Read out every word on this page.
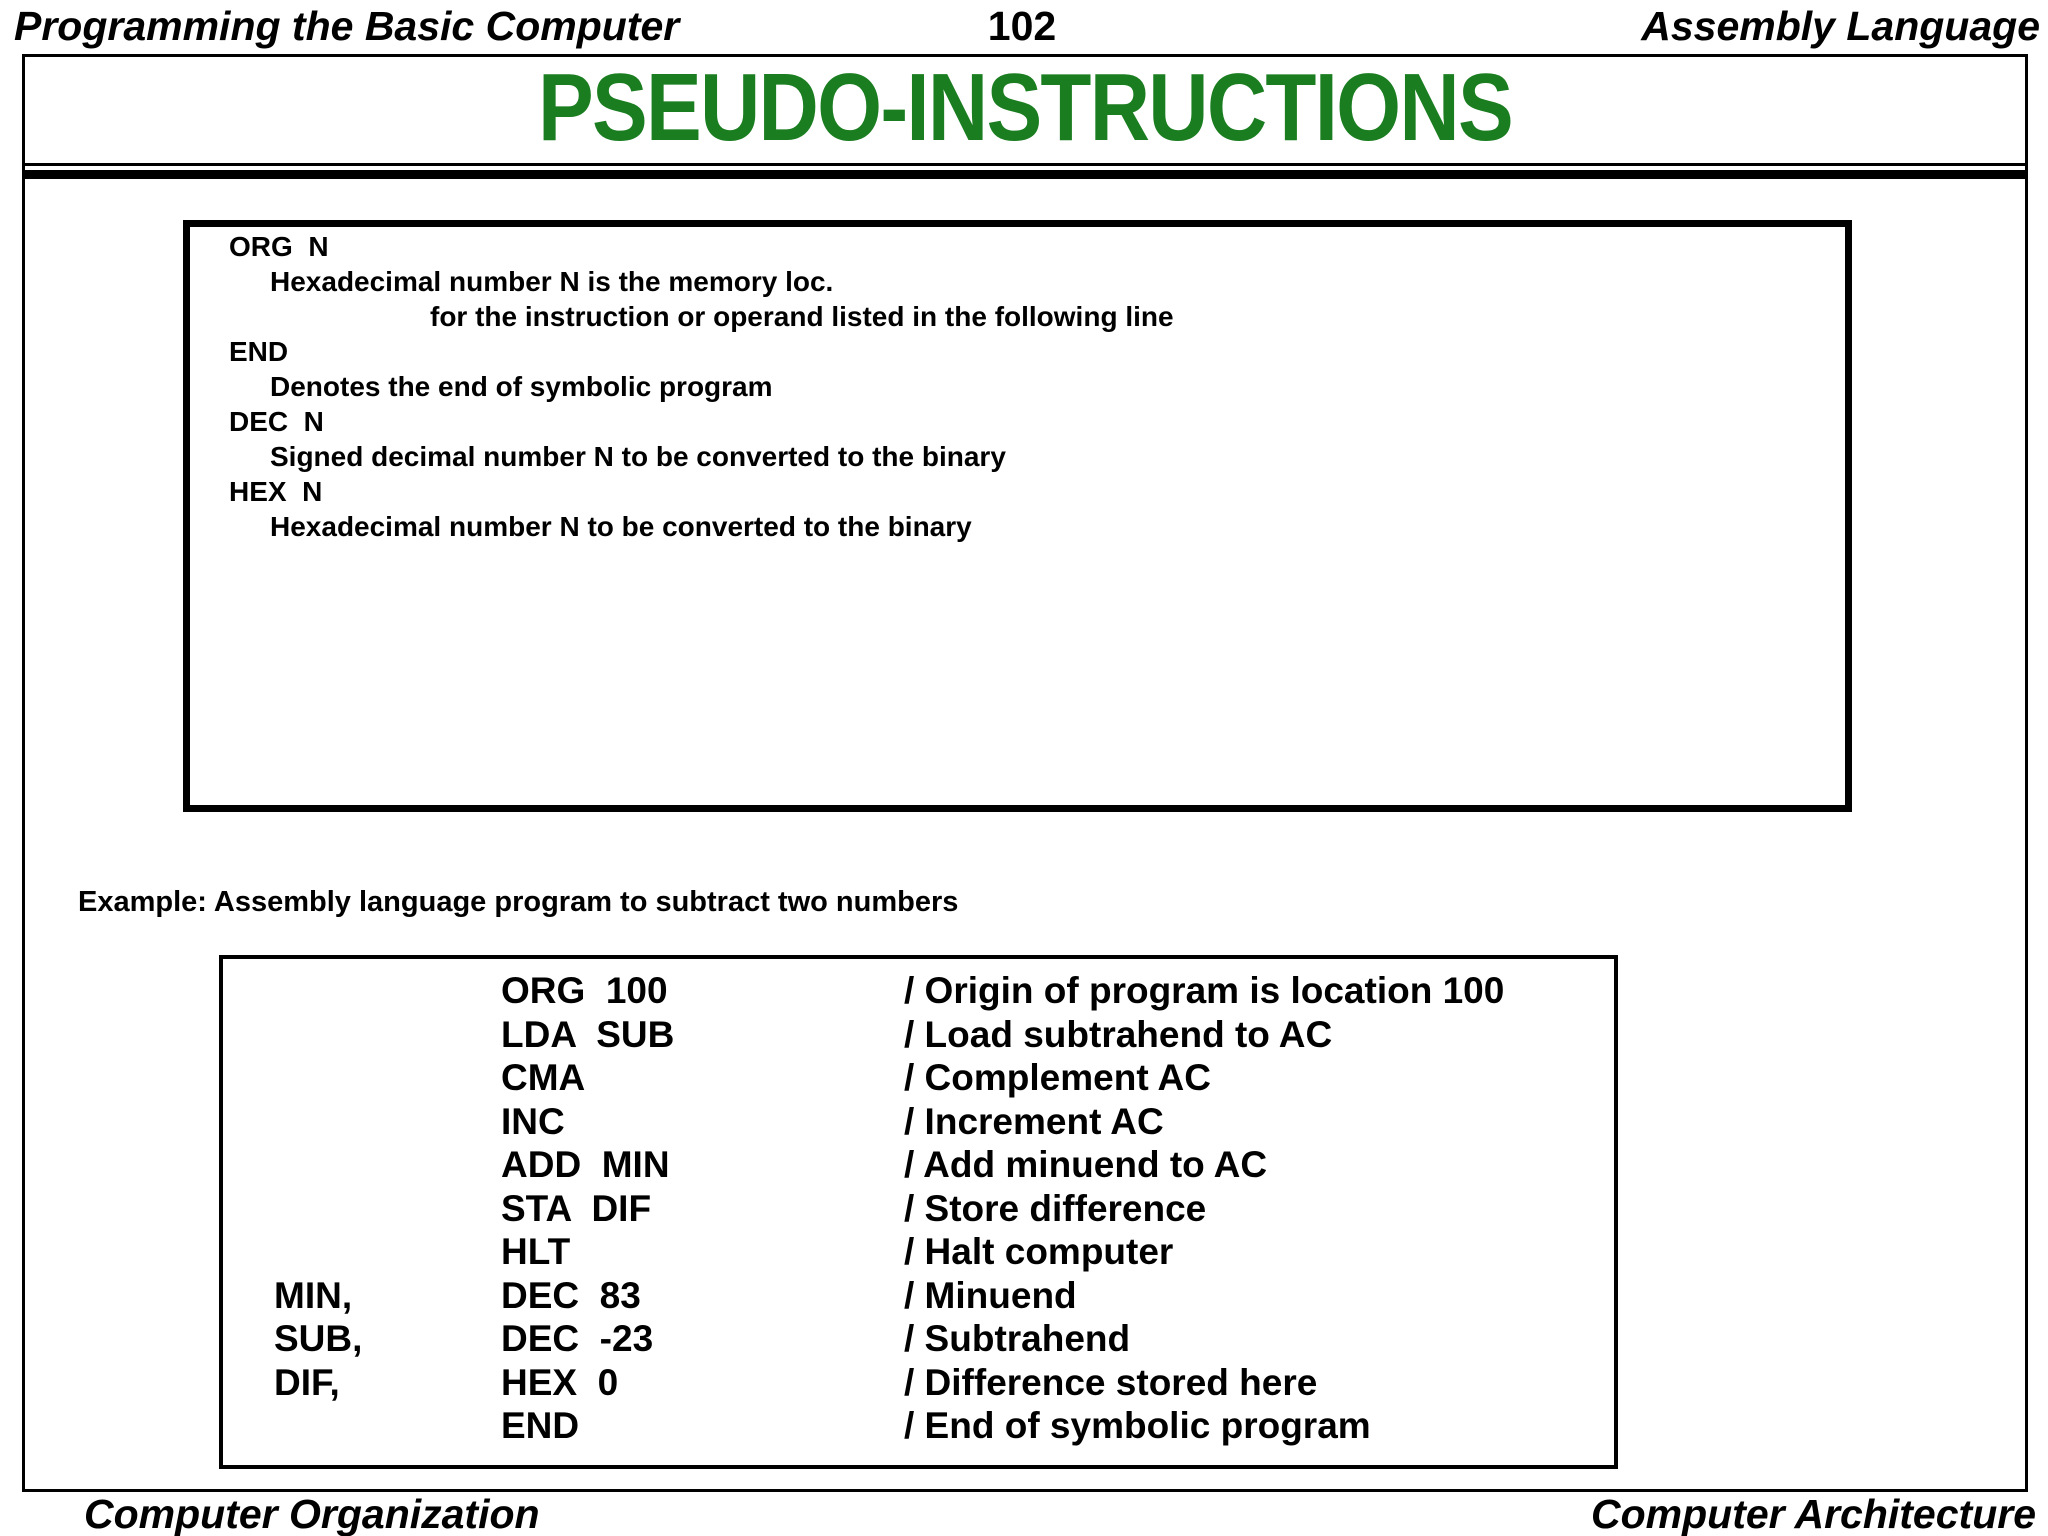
Programming the Basic Computer	102	Assembly Language
PSEUDO-INSTRUCTIONS
ORG  N
Hexadecimal number N is the memory loc.
for the instruction or operand listed in the following line
END
Denotes the end of symbolic program
DEC  N
Signed decimal number N to be converted to the binary
HEX  N
Hexadecimal number N to be converted to the binary
Example: Assembly language program to subtract two numbers
ORG  100	/ Origin of program is location 100
LDA  SUB	/ Load subtrahend to AC
CMA	/ Complement AC
INC	/ Increment AC
ADD  MIN	/ Add minuend to AC
STA  DIF	/ Store difference
HLT	/ Halt computer
MIN,	DEC  83	/ Minuend
SUB,	DEC  -23	/ Subtrahend
DIF,	HEX  0	/ Difference stored here
END	/ End of symbolic program
Computer Organization	Computer Architecture
